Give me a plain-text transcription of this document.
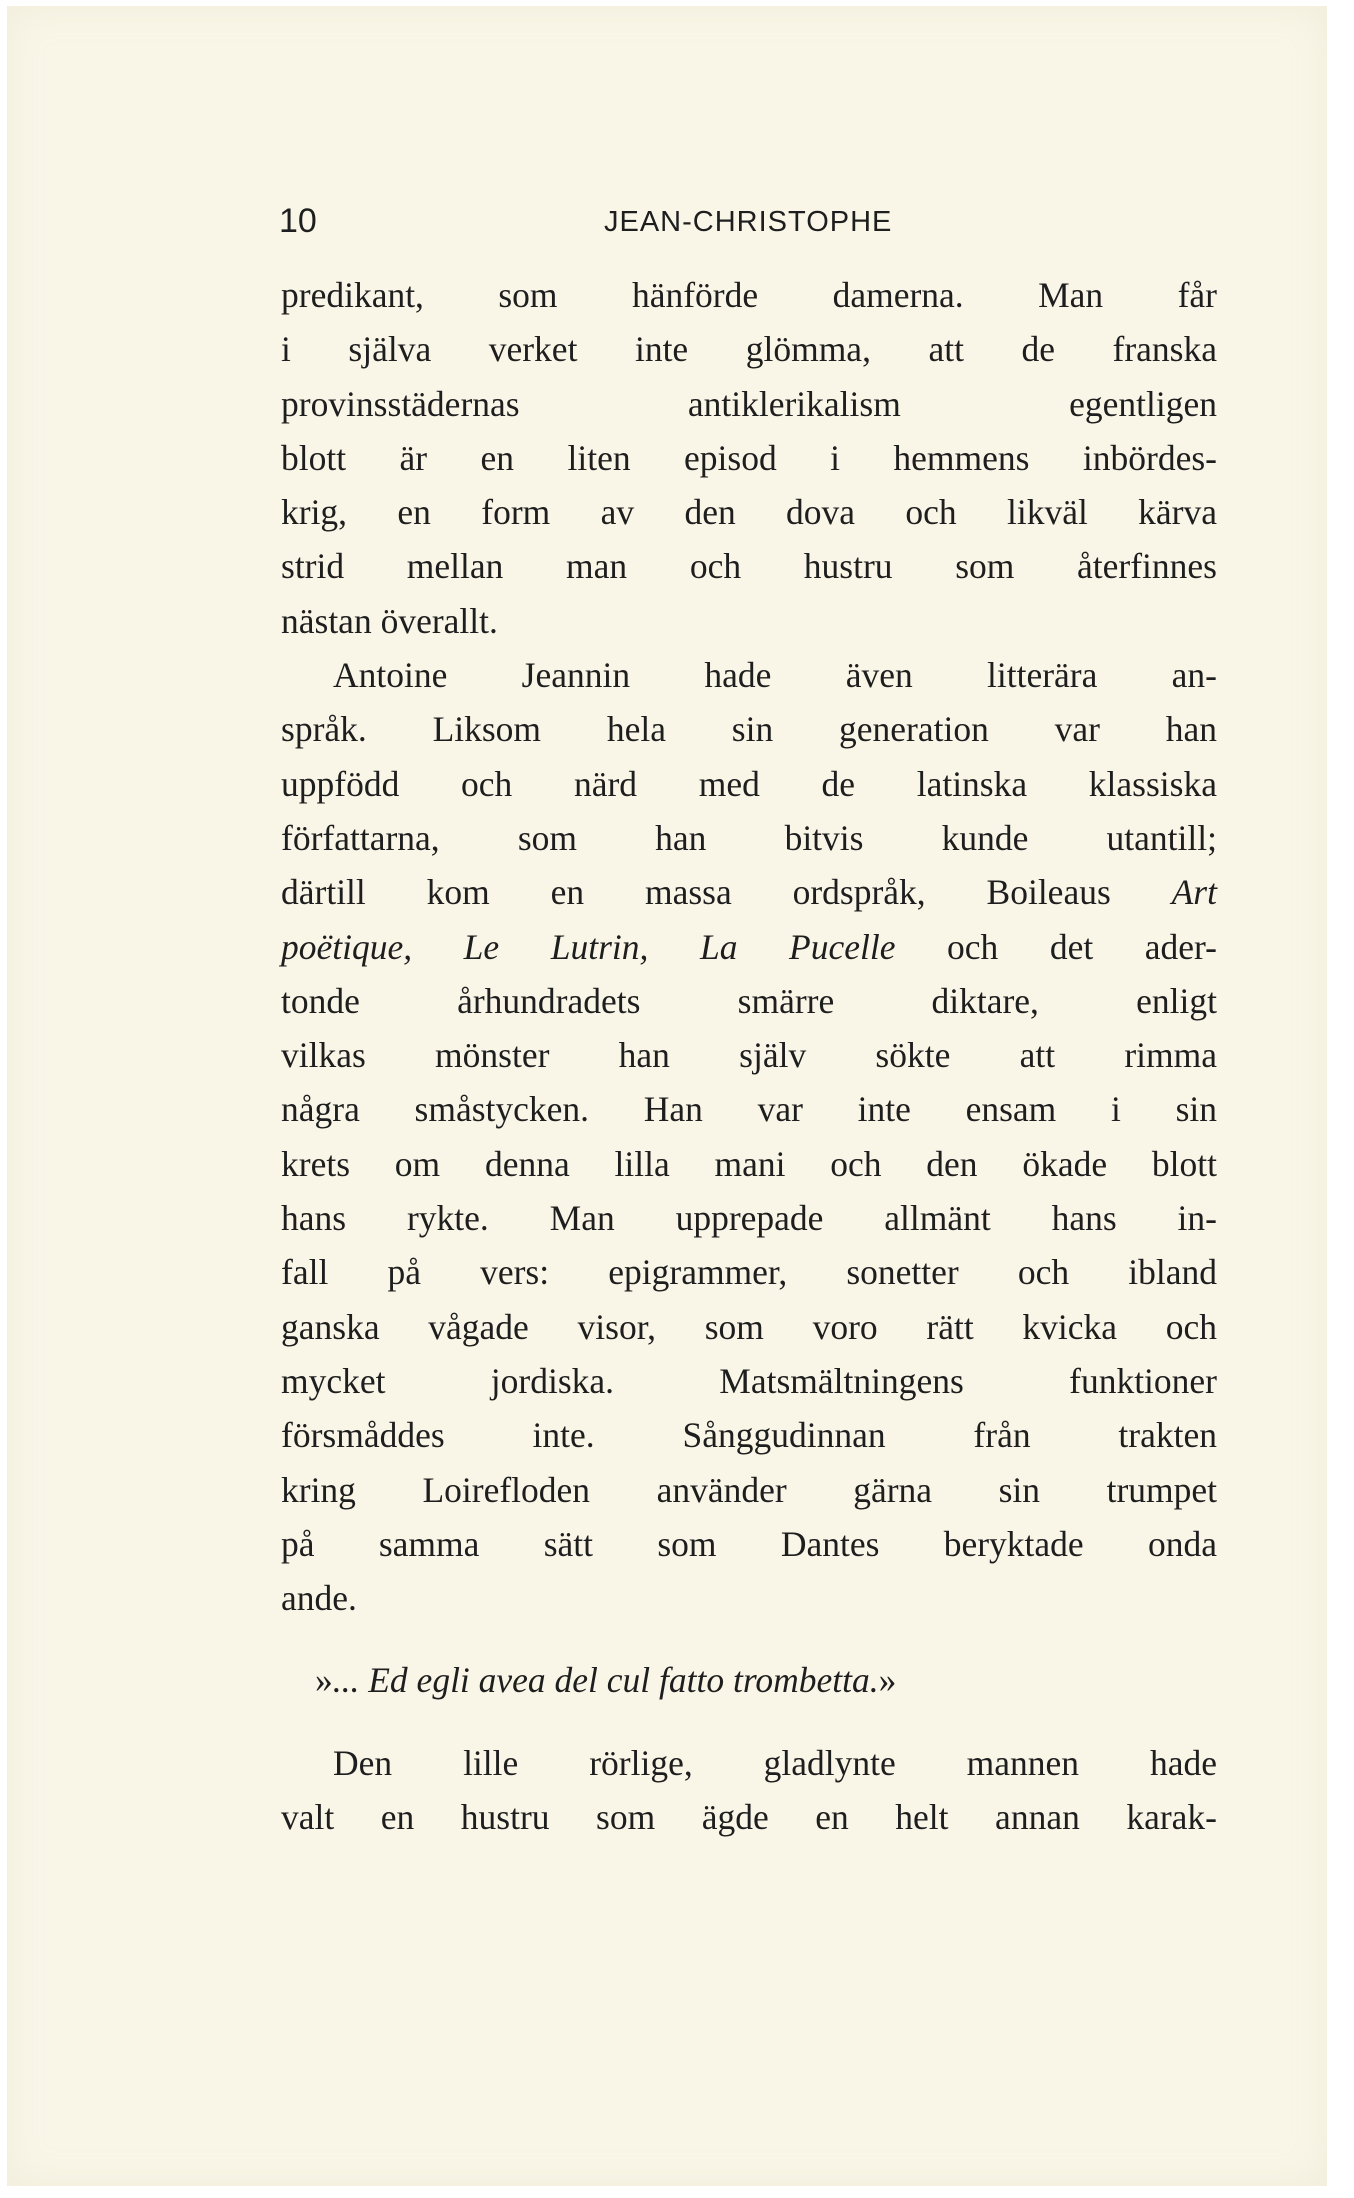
10	JEAN-CHRISTOPHE
predikant, som hänförde damerna. Man får
i själva verket inte glömma, att de franska
provinsstädernas antiklerikalism egentligen
blott är en liten episod i hemmens inbördes-
krig, en form av den dova och likväl kärva
strid mellan man och hustru som återfinnes
nästan överallt.
Antoine Jeannin hade även litterära an-
språk. Liksom hela sin generation var han
uppfödd och närd med de latinska klassiska
författarna, som han bitvis kunde utantill;
därtill kom en massa ordspråk, Boileaus Art
poëtique, Le Lutrin, La Pucelle och det ader-
tonde århundradets smärre diktare, enligt
vilkas mönster han själv sökte att rimma
några småstycken. Han var inte ensam i sin
krets om denna lilla mani och den ökade blott
hans rykte. Man upprepade allmänt hans in-
fall på vers: epigrammer, sonetter och ibland
ganska vågade visor, som voro rätt kvicka och
mycket jordiska. Matsmältningens funktioner
försmåddes inte. Sånggudinnan från trakten
kring Loirefloden använder gärna sin trumpet
på samma sätt som Dantes beryktade onda
ande.
»... Ed egli avea del cul fatto trombetta.»
Den lille rörlige, gladlynte mannen hade
valt en hustru som ägde en helt annan karak-
